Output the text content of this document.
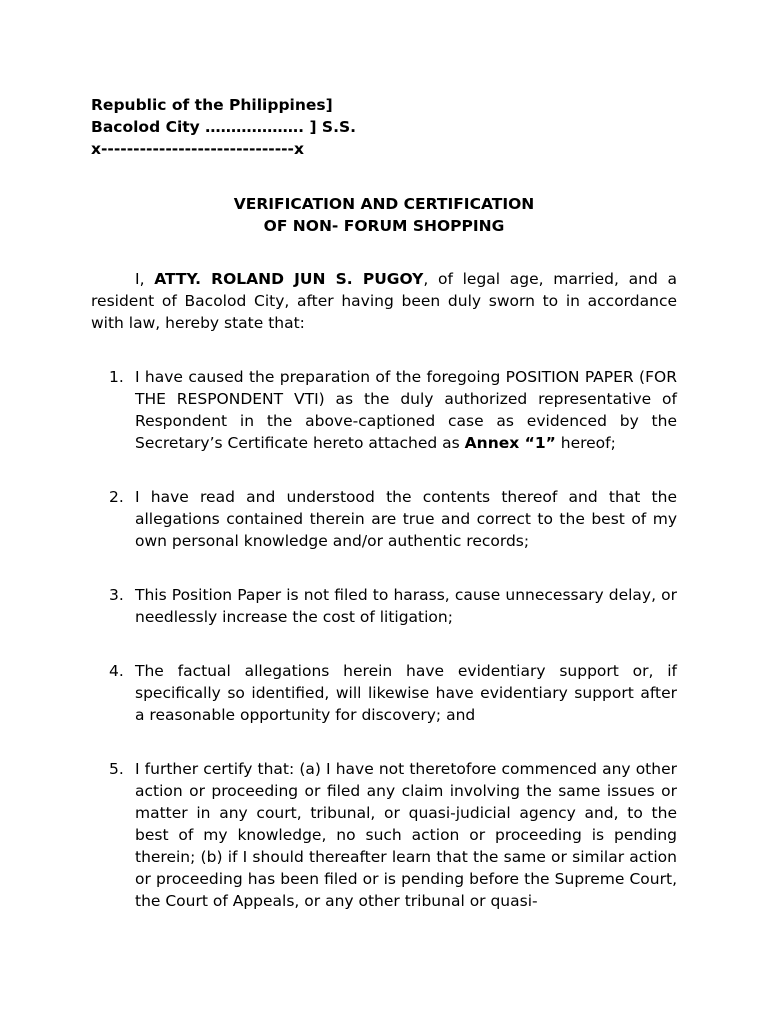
Republic of the Philippines]
Bacolod City ………………. ] S.S.
x------------------------------x
VERIFICATION AND CERTIFICATION
OF NON- FORUM SHOPPING

I, ATTY. ROLAND JUN S. PUGOY, of legal age, married, and a resident of Bacolod City, after having been duly sworn to in accordance with law, hereby state that:

1. I have caused the preparation of the foregoing POSITION PAPER (FOR THE RESPONDENT VTI) as the duly authorized representative of Respondent in the above-captioned case as evidenced by the Secretary’s Certificate hereto attached as Annex “1” hereof;
2. I have read and understood the contents thereof and that the allegations contained therein are true and correct to the best of my own personal knowledge and/or authentic records;
3. This Position Paper is not filed to harass, cause unnecessary delay, or needlessly increase the cost of litigation;
4. The factual allegations herein have evidentiary support or, if specifically so identified, will likewise have evidentiary support after a reasonable opportunity for discovery; and
5. I further certify that: (a) I have not theretofore commenced any other action or proceeding or filed any claim involving the same issues or matter in any court, tribunal, or quasi-judicial agency and, to the best of my knowledge, no such action or proceeding is pending therein; (b) if I should thereafter learn that the same or similar action or proceeding has been filed or is pending before the Supreme Court, the Court of Appeals, or any other tribunal or quasi-
